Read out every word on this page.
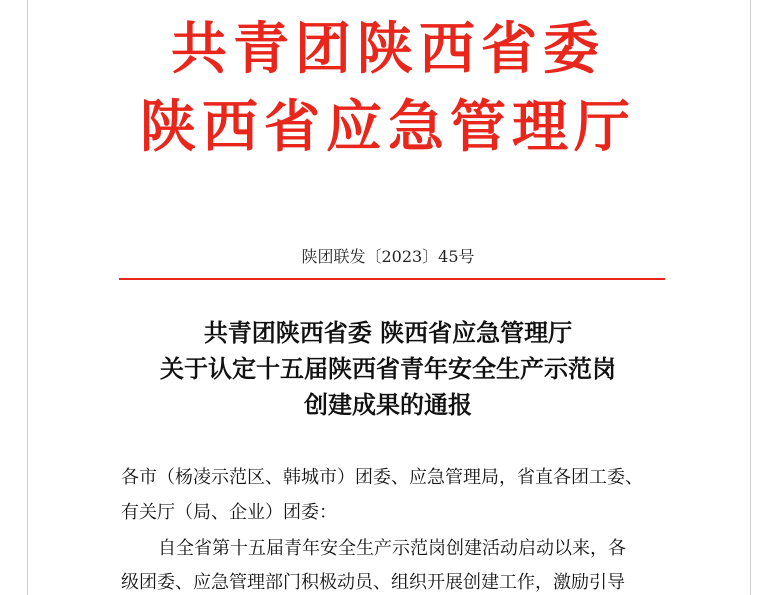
共青团陕西省委
陕西省应急管理厅
陕团联发〔2023〕45号
共青团陕西省委 陕西省应急管理厅
关于认定十五届陕西省青年安全生产示范岗
创建成果的通报
各市（杨凌示范区、韩城市）团委、应急管理局，省直各团工委、
有关厅（局、企业）团委：
自全省第十五届青年安全生产示范岗创建活动启动以来，各
级团委、应急管理部门积极动员、组织开展创建工作，激励引导
